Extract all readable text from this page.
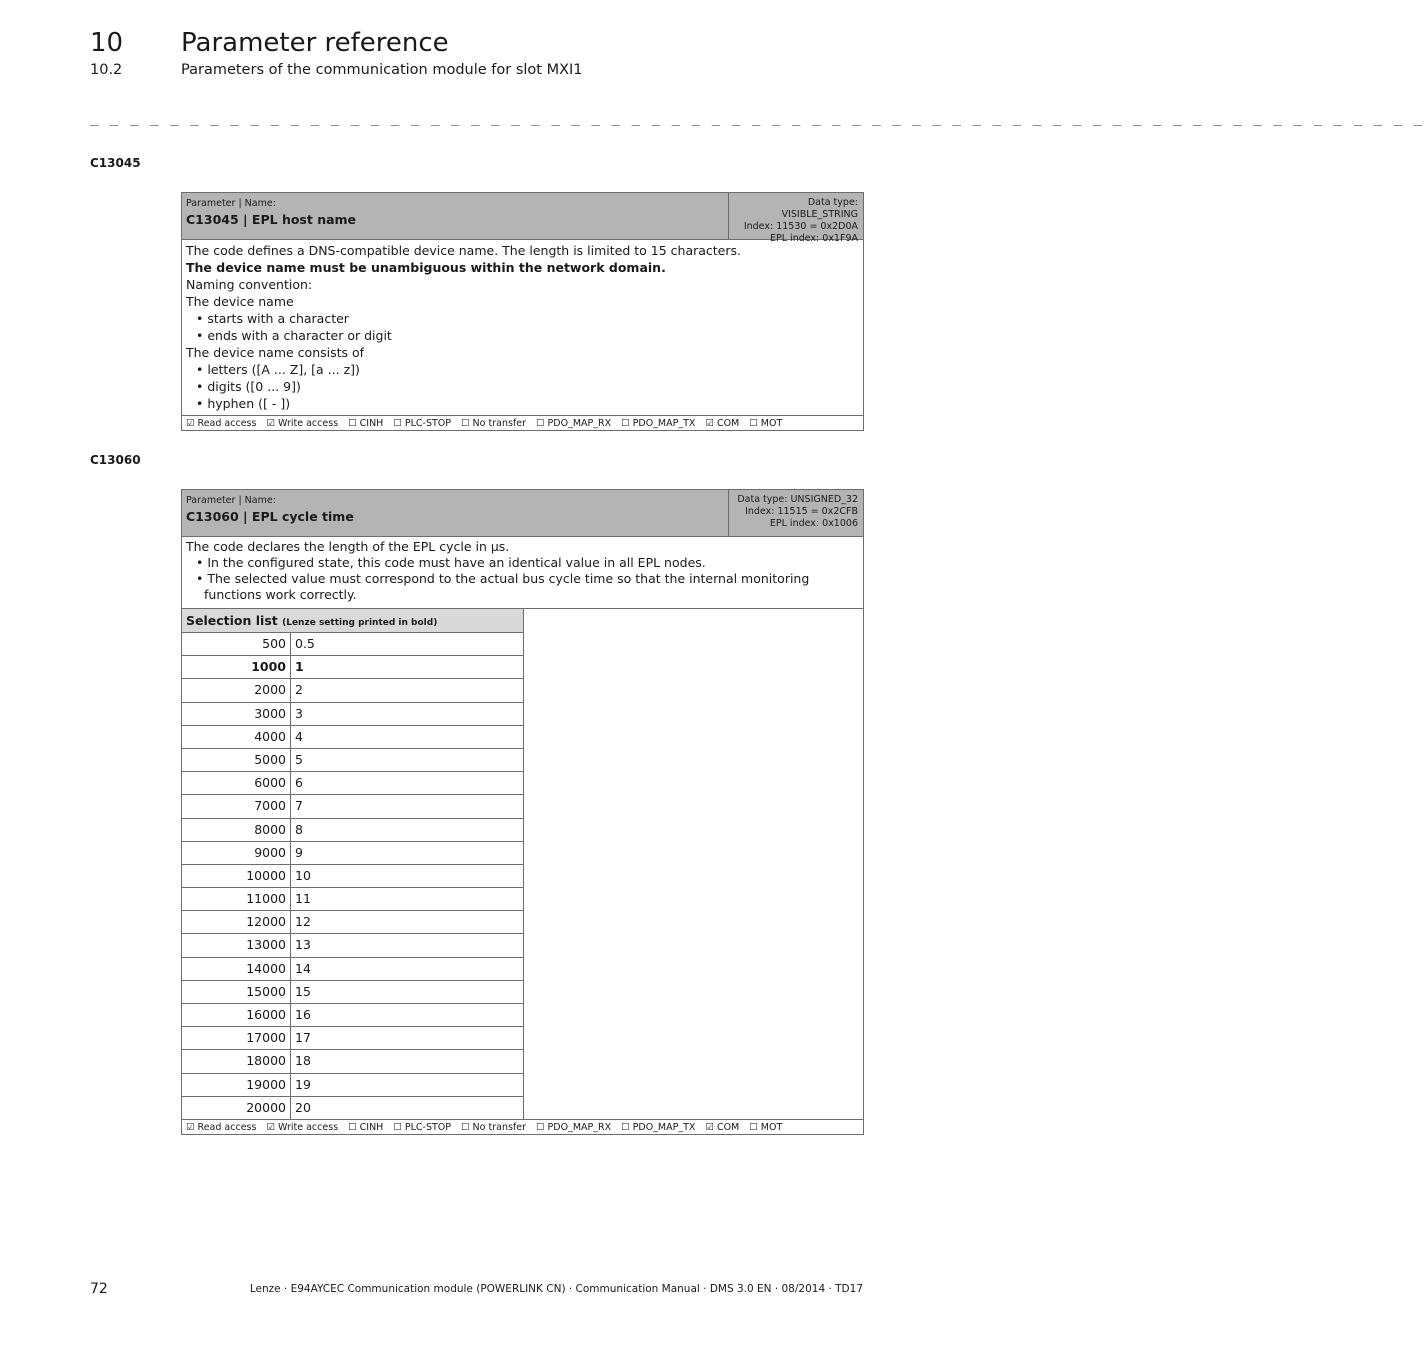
10 Parameter reference
10.2	Parameters of the communication module for slot MXI1
_ _ _ _ _ _ _ _ _ _ _ _ _ _ _ _ _ _ _ _ _ _ _ _ _ _ _ _ _ _ _ _ _ _ _ _ _ _ _ _ _ _ _ _ _ _ _ _ _ _ _ _ _ _ _ _ _ _ _ _ _ _ _ _ _ _ _
C13045
Parameter | Name:
C13045 | EPL host name
Data type: VISIBLE_STRING
Index: 11530 = 0x2D0A
EPL index: 0x1F9A
The code defines a DNS-compatible device name. The length is limited to 15 characters.
The device name must be unambiguous within the network domain.
Naming convention:
The device name
• starts with a character
• ends with a character or digit
The device name consists of
• letters ([A ... Z], [a ... z])
• digits ([0 ... 9])
• hyphen ([ - ])
☑ Read access ☑ Write access ☐ CINH ☐ PLC-STOP ☐ No transfer ☐ PDO_MAP_RX ☐ PDO_MAP_TX ☑ COM ☐ MOT
C13060
Parameter | Name:
C13060 | EPL cycle time
Data type: UNSIGNED_32
Index: 11515 = 0x2CFB
EPL index: 0x1006
The code declares the length of the EPL cycle in µs.
• In the configured state, this code must have an identical value in all EPL nodes.
• The selected value must correspond to the actual bus cycle time so that the internal monitoring functions work correctly.
Selection list (Lenze setting printed in bold)
500 0.5
1000 1
2000 2
3000 3
4000 4
5000 5
6000 6
7000 7
8000 8
9000 9
10000 10
11000 11
12000 12
13000 13
14000 14
15000 15
16000 16
17000 17
18000 18
19000 19
20000 20
☑ Read access ☑ Write access ☐ CINH ☐ PLC-STOP ☐ No transfer ☐ PDO_MAP_RX ☐ PDO_MAP_TX ☑ COM ☐ MOT
72	Lenze · E94AYCEC Communication module (POWERLINK CN) · Communication Manual · DMS 3.0 EN · 08/2014 · TD17
